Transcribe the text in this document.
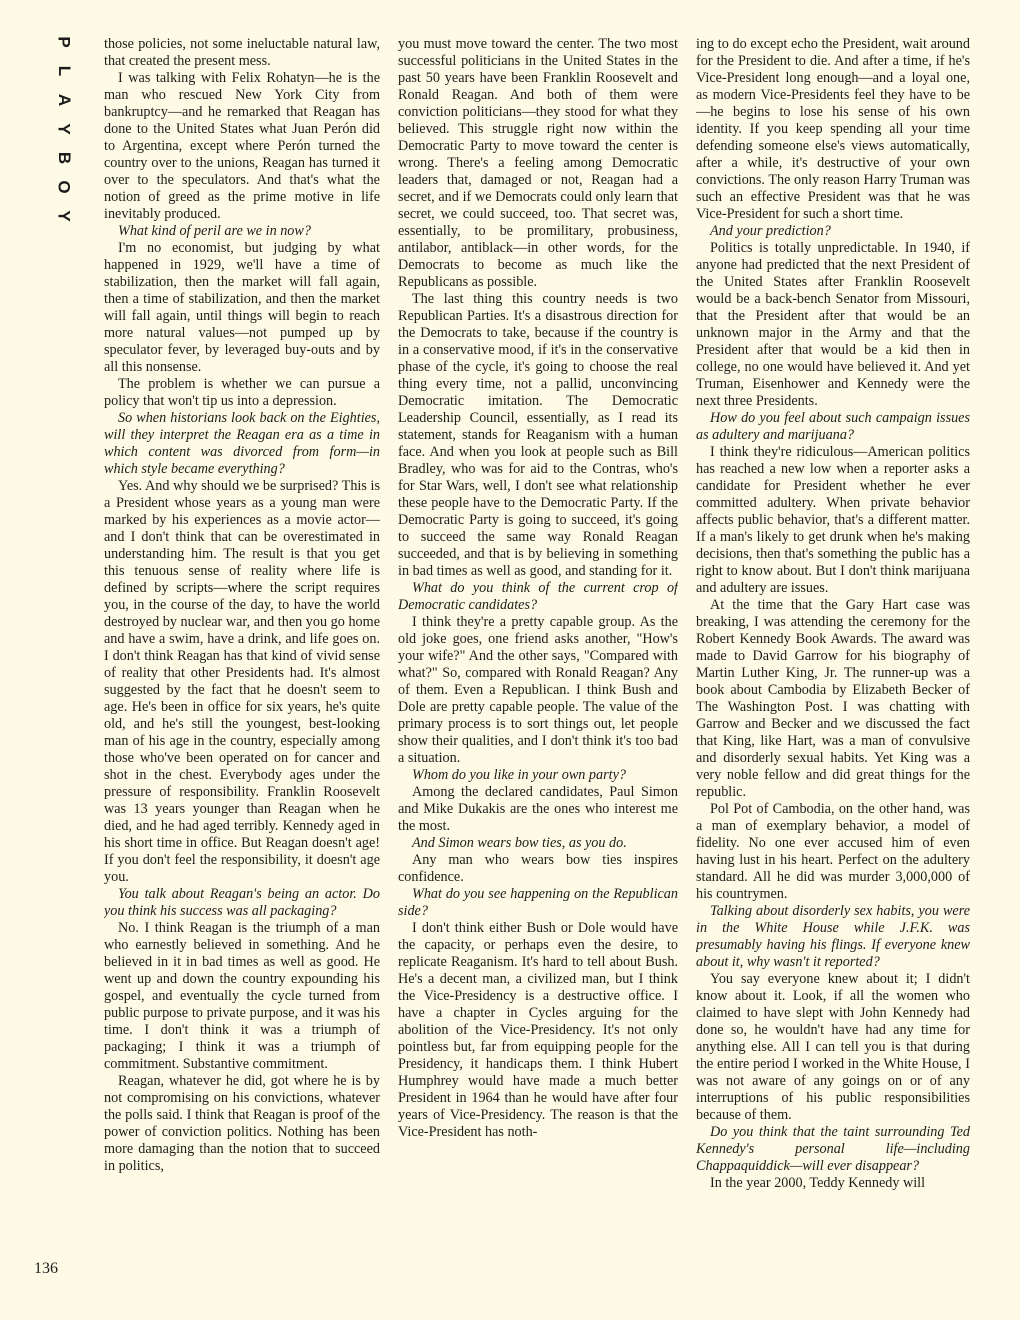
P
L
A
Y
B
O
Y
136

those policies, not some ineluctable natural law, that created the present mess.

I was talking with Felix Rohatyn—he is the man who rescued New York City from bankruptcy—and he remarked that Reagan has done to the United States what Juan Perón did to Argentina, except where Perón turned the country over to the unions, Reagan has turned it over to the speculators. And that's what the notion of greed as the prime motive in life inevitably produced.

What kind of peril are we in now?

I'm no economist, but judging by what happened in 1929, we'll have a time of stabilization, then the market will fall again, then a time of stabilization, and then the market will fall again, until things will begin to reach more natural values—not pumped up by speculator fever, by leveraged buy-outs and by all this nonsense.

The problem is whether we can pursue a policy that won't tip us into a depression.

So when historians look back on the Eighties, will they interpret the Reagan era as a time in which content was divorced from form—in which style became everything?

Yes. And why should we be surprised? This is a President whose years as a young man were marked by his experiences as a movie actor—and I don't think that can be overestimated in understanding him. The result is that you get this tenuous sense of reality where life is defined by scripts—where the script requires you, in the course of the day, to have the world destroyed by nuclear war, and then you go home and have a swim, have a drink, and life goes on. I don't think Reagan has that kind of vivid sense of reality that other Presidents had. It's almost suggested by the fact that he doesn't seem to age. He's been in office for six years, he's quite old, and he's still the youngest, best-looking man of his age in the country, especially among those who've been operated on for cancer and shot in the chest. Everybody ages under the pressure of responsibility. Franklin Roosevelt was 13 years younger than Reagan when he died, and he had aged terribly. Kennedy aged in his short time in office. But Reagan doesn't age! If you don't feel the responsibility, it doesn't age you.

You talk about Reagan's being an actor. Do you think his success was all packaging?

No. I think Reagan is the triumph of a man who earnestly believed in something. And he believed in it in bad times as well as good. He went up and down the country expounding his gospel, and eventually the cycle turned from public purpose to private purpose, and it was his time. I don't think it was a triumph of packaging; I think it was a triumph of commitment. Substantive commitment.

Reagan, whatever he did, got where he is by not compromising on his convictions, whatever the polls said. I think that Reagan is proof of the power of conviction politics. Nothing has been more damaging than the notion that to succeed in politics,

you must move toward the center. The two most successful politicians in the United States in the past 50 years have been Franklin Roosevelt and Ronald Reagan. And both of them were conviction politicians—they stood for what they believed. This struggle right now within the Democratic Party to move toward the center is wrong. There's a feeling among Democratic leaders that, damaged or not, Reagan had a secret, and if we Democrats could only learn that secret, we could succeed, too. That secret was, essentially, to be promilitary, probusiness, antilabor, antiblack—in other words, for the Democrats to become as much like the Republicans as possible.

The last thing this country needs is two Republican Parties. It's a disastrous direction for the Democrats to take, because if the country is in a conservative mood, if it's in the conservative phase of the cycle, it's going to choose the real thing every time, not a pallid, unconvincing Democratic imitation. The Democratic Leadership Council, essentially, as I read its statement, stands for Reaganism with a human face. And when you look at people such as Bill Bradley, who was for aid to the Contras, who's for Star Wars, well, I don't see what relationship these people have to the Democratic Party. If the Democratic Party is going to succeed, it's going to succeed the same way Ronald Reagan succeeded, and that is by believing in something in bad times as well as good, and standing for it.

What do you think of the current crop of Democratic candidates?

I think they're a pretty capable group. As the old joke goes, one friend asks another, "How's your wife?" And the other says, "Compared with what?" So, compared with Ronald Reagan? Any of them. Even a Republican. I think Bush and Dole are pretty capable people. The value of the primary process is to sort things out, let people show their qualities, and I don't think it's too bad a situation.

Whom do you like in your own party?

Among the declared candidates, Paul Simon and Mike Dukakis are the ones who interest me the most.

And Simon wears bow ties, as you do.

Any man who wears bow ties inspires confidence.

What do you see happening on the Republican side?

I don't think either Bush or Dole would have the capacity, or perhaps even the desire, to replicate Reaganism. It's hard to tell about Bush. He's a decent man, a civilized man, but I think the Vice-Presidency is a destructive office. I have a chapter in Cycles arguing for the abolition of the Vice-Presidency. It's not only pointless but, far from equipping people for the Presidency, it handicaps them. I think Hubert Humphrey would have made a much better President in 1964 than he would have after four years of Vice-Presidency. The reason is that the Vice-President has noth-

ing to do except echo the President, wait around for the President to die. And after a time, if he's Vice-President long enough—and a loyal one, as modern Vice-Presidents feel they have to be—he begins to lose his sense of his own identity. If you keep spending all your time defending someone else's views automatically, after a while, it's destructive of your own convictions. The only reason Harry Truman was such an effective President was that he was Vice-President for such a short time.

And your prediction?

Politics is totally unpredictable. In 1940, if anyone had predicted that the next President of the United States after Franklin Roosevelt would be a back-bench Senator from Missouri, that the President after that would be an unknown major in the Army and that the President after that would be a kid then in college, no one would have believed it. And yet Truman, Eisenhower and Kennedy were the next three Presidents.

How do you feel about such campaign issues as adultery and marijuana?

I think they're ridiculous—American politics has reached a new low when a reporter asks a candidate for President whether he ever committed adultery. When private behavior affects public behavior, that's a different matter. If a man's likely to get drunk when he's making decisions, then that's something the public has a right to know about. But I don't think marijuana and adultery are issues.

At the time that the Gary Hart case was breaking, I was attending the ceremony for the Robert Kennedy Book Awards. The award was made to David Garrow for his biography of Martin Luther King, Jr. The runner-up was a book about Cambodia by Elizabeth Becker of The Washington Post. I was chatting with Garrow and Becker and we discussed the fact that King, like Hart, was a man of convulsive and disorderly sexual habits. Yet King was a very noble fellow and did great things for the republic.

Pol Pot of Cambodia, on the other hand, was a man of exemplary behavior, a model of fidelity. No one ever accused him of even having lust in his heart. Perfect on the adultery standard. All he did was murder 3,000,000 of his countrymen.

Talking about disorderly sex habits, you were in the White House while J.F.K. was presumably having his flings. If everyone knew about it, why wasn't it reported?

You say everyone knew about it; I didn't know about it. Look, if all the women who claimed to have slept with John Kennedy had done so, he wouldn't have had any time for anything else. All I can tell you is that during the entire period I worked in the White House, I was not aware of any goings on or of any interruptions of his public responsibilities because of them.

Do you think that the taint surrounding Ted Kennedy's personal life—including Chappaquiddick—will ever disappear?

In the year 2000, Teddy Kennedy will
